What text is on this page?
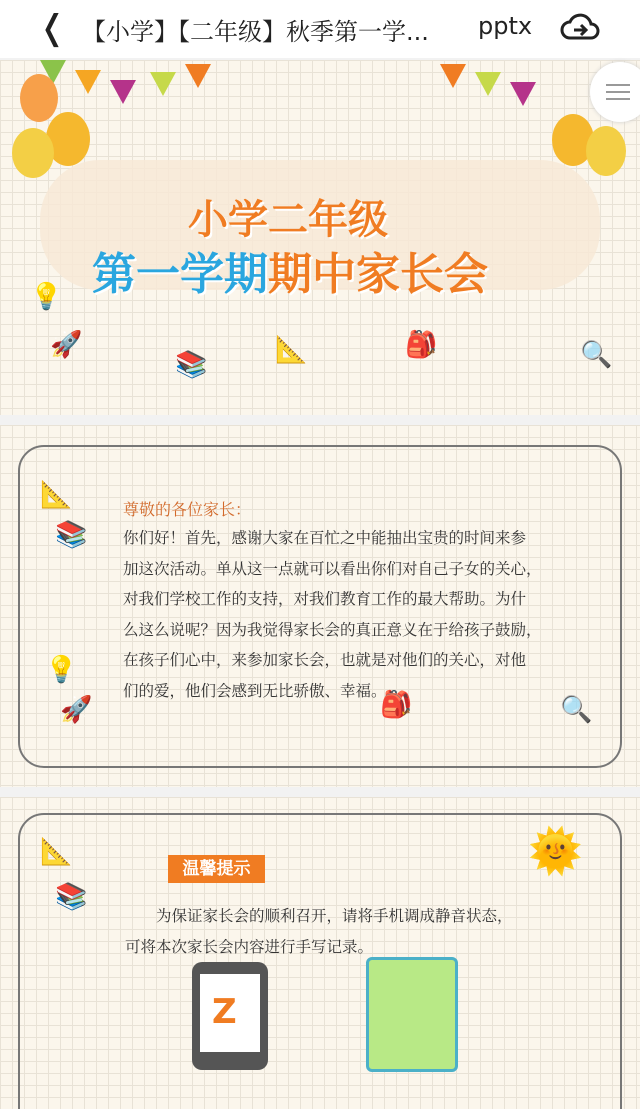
❬ 【小学】【二年级】秋季第一学... pptx
小学二年级
第一学期期中家长会
💡
🚀
📚	📐	🎒	🔍
尊敬的各位家长：
你们好！首先，感谢大家在百忙之中能抽出宝贵的时间来参
加这次活动。单从这一点就可以看出你们对自己子女的关心，
对我们学校工作的支持，对我们教育工作的最大帮助。为什
么这么说呢？因为我觉得家长会的真正意义在于给孩子鼓励，
在孩子们心中，来参加家长会，也就是对他们的关心，对他
们的爱，他们会感到无比骄傲、幸福。
📐
📚
💡
🚀	🎒	🔍
温馨提示
　　为保证家长会的顺利召开，请将手机调成静音状态，
可将本次家长会内容进行手写记录。
🌞
📐
📚
Z
